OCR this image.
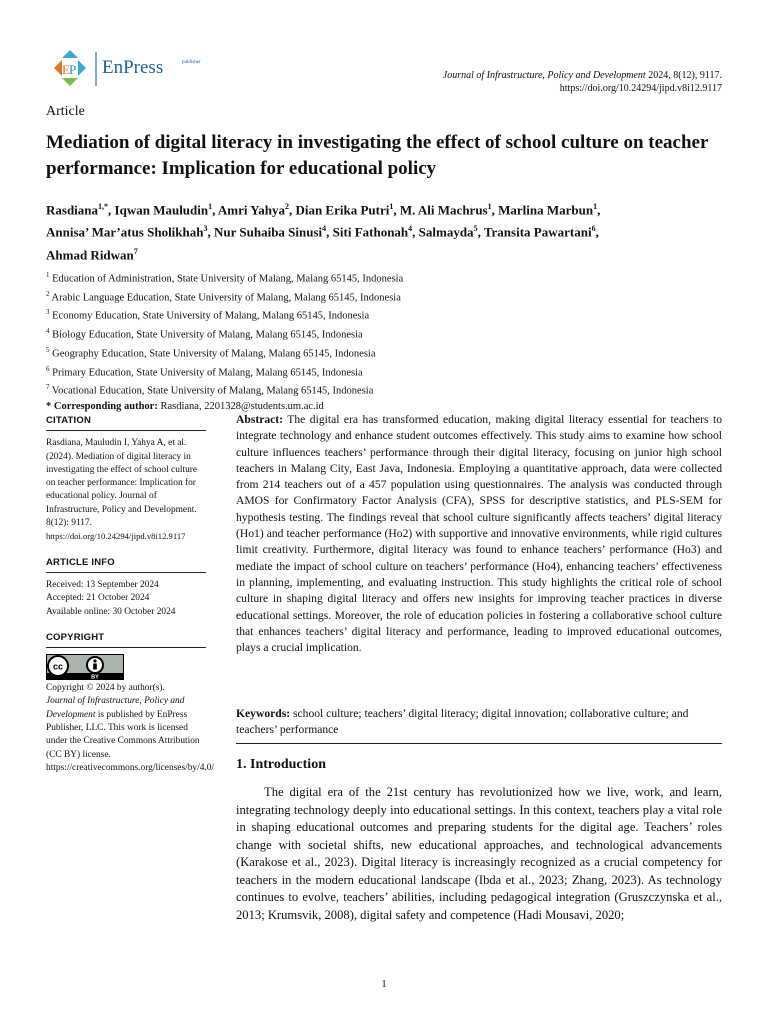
E P EnPress	publisher
Journal of Infrastructure, Policy and Development 2024, 8(12), 9117.
https://doi.org/10.24294/jipd.v8i12.9117
Article
Mediation of digital literacy in investigating the effect of school culture on teacher performance: Implication for educational policy
Rasdiana$^{1,*}$, Iqwan Mauludin$^1$, Amri Yahya$^2$, Dian Erika Putri$^1$, M. Ali Machrus$^1$, Marlina Marbun$^1$,
Annisa’ Mar’atus Sholikhah$^3$, Nur Suhaiba Sinusi$^4$, Siti Fathonah$^4$, Salmayda$^5$, Transita Pawartani$^6$,
Ahmad Ridwan$^7$
$^1$ Education of Administration, State University of Malang, Malang 65145, Indonesia
$^2$ Arabic Language Education, State University of Malang, Malang 65145, Indonesia
$^3$ Economy Education, State University of Malang, Malang 65145, Indonesia
$^4$ Biology Education, State University of Malang, Malang 65145, Indonesia
$^5$ Geography Education, State University of Malang, Malang 65145, Indonesia
$^6$ Primary Education, State University of Malang, Malang 65145, Indonesia
$^7$ Vocational Education, State University of Malang, Malang 65145, Indonesia
* Corresponding author: Rasdiana, 2201328@students.um.ac.id
CITATION
Rasdiana, Mauludin I, Yahya A, et al. (2024). Mediation of digital literacy in investigating the effect of school culture on teacher performance: Implication for educational policy. Journal of Infrastructure, Policy and Development. 8(12): 9117.
https://doi.org/10.24294/jipd.v8i12.9117
ARTICLE INFO
Received: 13 September 2024
Accepted: 21 October 2024
Available online: 30 October 2024
COPYRIGHT
cc
BY
Copyright © 2024 by author(s).
Journal of Infrastructure, Policy and Development is published by EnPress Publisher, LLC. This work is licensed under the Creative Commons Attribution (CC BY) license.
https://creativecommons.org/licenses/by/4.0/
Abstract: The digital era has transformed education, making digital literacy essential for teachers to integrate technology and enhance student outcomes effectively. This study aims to examine how school culture influences teachers’ performance through their digital literacy, focusing on junior high school teachers in Malang City, East Java, Indonesia. Employing a quantitative approach, data were collected from 214 teachers out of a 457 population using questionnaires. The analysis was conducted through AMOS for Confirmatory Factor Analysis (CFA), SPSS for descriptive statistics, and PLS-SEM for hypothesis testing. The findings reveal that school culture significantly affects teachers’ digital literacy (Ho1) and teacher performance (Ho2) with supportive and innovative environments, while rigid cultures limit creativity. Furthermore, digital literacy was found to enhance teachers’ performance (Ho3) and mediate the impact of school culture on teachers’ performance (Ho4), enhancing teachers’ effectiveness in planning, implementing, and evaluating instruction. This study highlights the critical role of school culture in shaping digital literacy and offers new insights for improving teacher practices in diverse educational settings. Moreover, the role of education policies in fostering a collaborative school culture that enhances teachers’ digital literacy and performance, leading to improved educational outcomes, plays a crucial implication.
Keywords: school culture; teachers’ digital literacy; digital innovation; collaborative culture; and teachers’ performance
1. Introduction
The digital era of the 21st century has revolutionized how we live, work, and learn, integrating technology deeply into educational settings. In this context, teachers play a vital role in shaping educational outcomes and preparing students for the digital age. Teachers’ roles change with societal shifts, new educational approaches, and technological advancements (Karakose et al., 2023). Digital literacy is increasingly recognized as a crucial competency for teachers in the modern educational landscape (Ibda et al., 2023; Zhang, 2023). As technology continues to evolve, teachers’ abilities, including pedagogical integration (Gruszczynska et al., 2013; Krumsvik, 2008), digital safety and competence (Hadi Mousavi, 2020;
1
